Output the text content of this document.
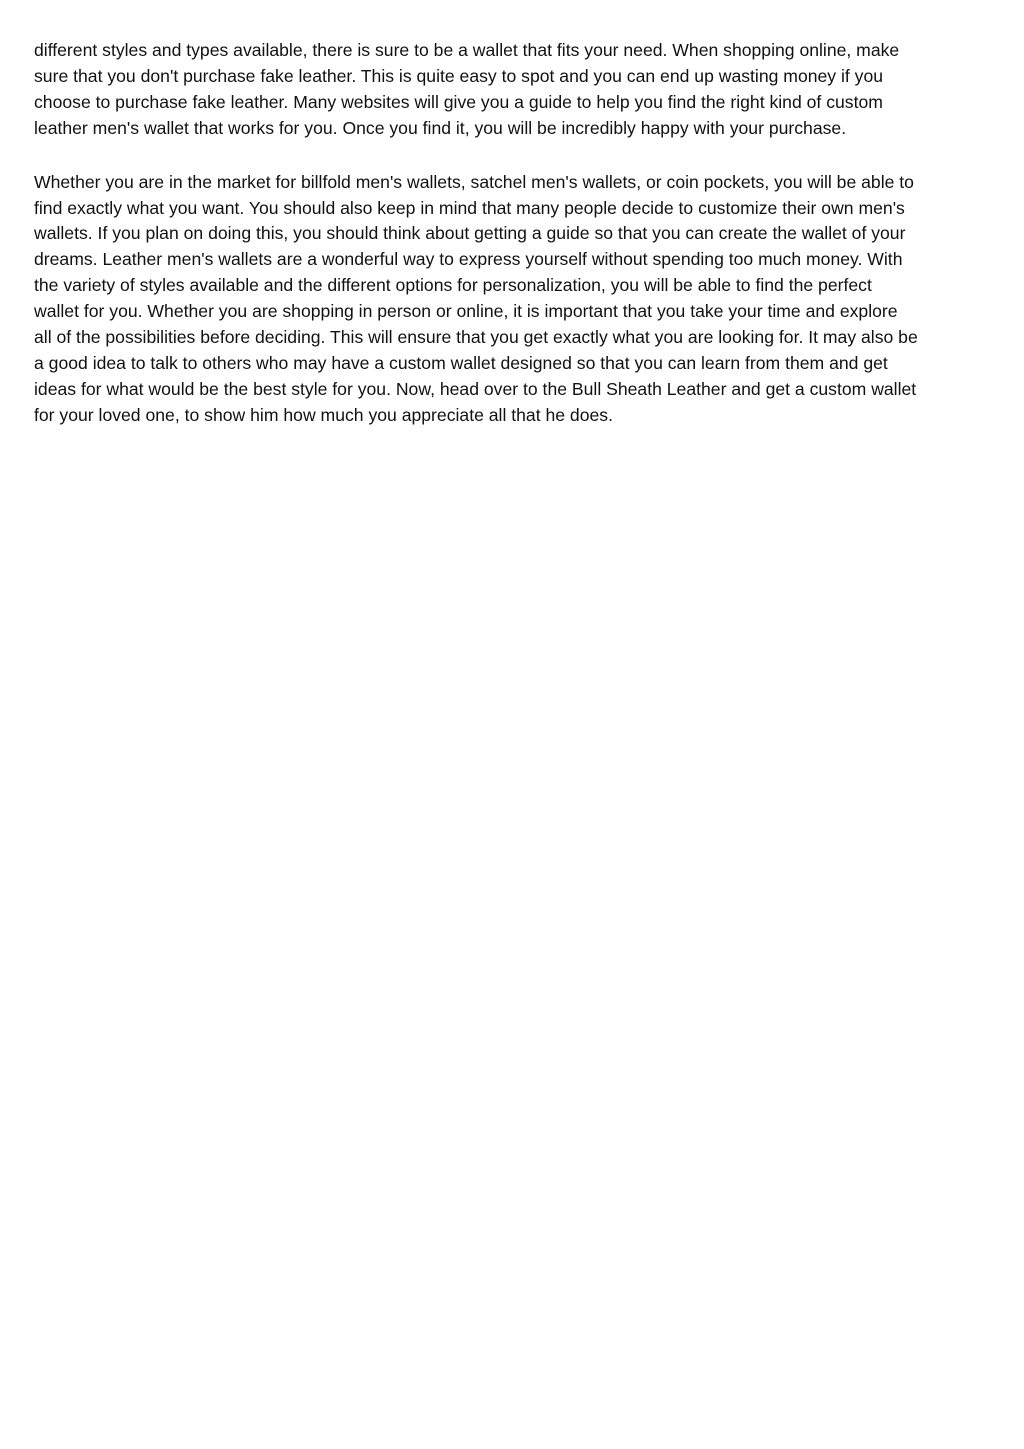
different styles and types available, there is sure to be a wallet that fits your need. When shopping online, make
sure that you don't purchase fake leather. This is quite easy to spot and you can end up wasting money if you
choose to purchase fake leather. Many websites will give you a guide to help you find the right kind of custom
leather men's wallet that works for you. Once you find it, you will be incredibly happy with your purchase.

Whether you are in the market for billfold men's wallets, satchel men's wallets, or coin pockets, you will be able to
find exactly what you want. You should also keep in mind that many people decide to customize their own men's
wallets. If you plan on doing this, you should think about getting a guide so that you can create the wallet of your
dreams. Leather men's wallets are a wonderful way to express yourself without spending too much money. With
the variety of styles available and the different options for personalization, you will be able to find the perfect
wallet for you. Whether you are shopping in person or online, it is important that you take your time and explore
all of the possibilities before deciding. This will ensure that you get exactly what you are looking for. It may also be
a good idea to talk to others who may have a custom wallet designed so that you can learn from them and get
ideas for what would be the best style for you. Now, head over to the Bull Sheath Leather and get a custom wallet
for your loved one, to show him how much you appreciate all that he does.
